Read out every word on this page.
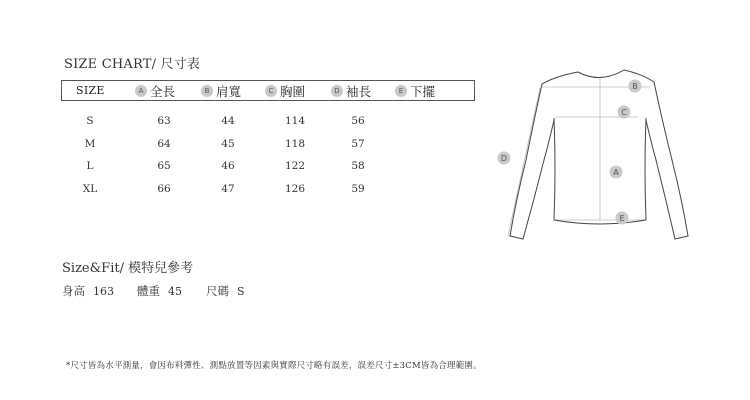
SIZE CHART/ 尺寸表
SIZE	A 全長	B 肩寬	C 胸圍	D 袖長	E 下擺
S	63	44	114	56
M	64	45	118	57
L	65	46	122	58
XL	66	47	126	59
B
C
D
A
E
Size&Fit/ 模特兒參考
身高 163 體重 45 尺碼 S
*尺寸皆為水平測量，會因布料彈性、測點放置等因素與實際尺寸略有誤差，誤差尺寸±3CM皆為合理範圍。
